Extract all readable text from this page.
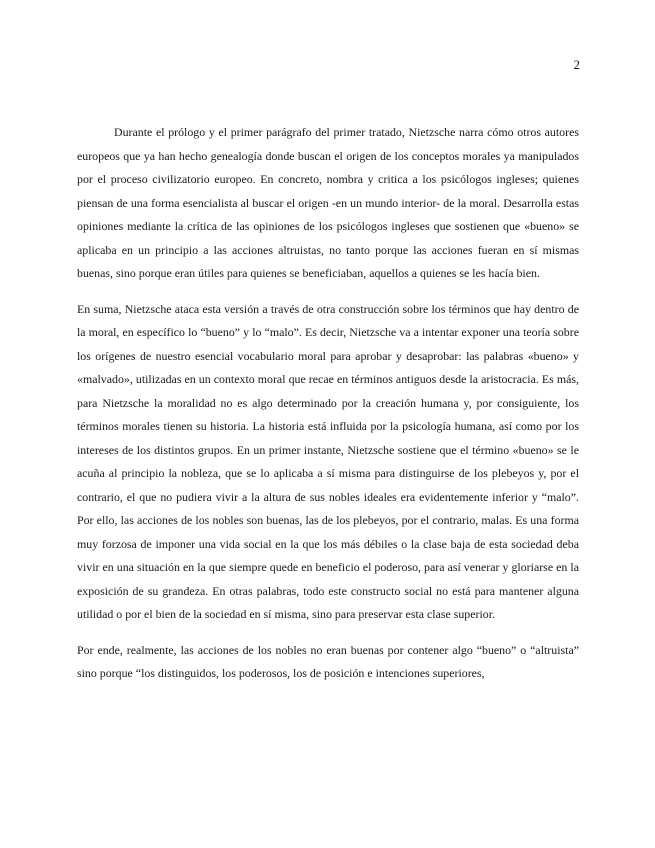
2

Durante el prólogo y el primer parágrafo del primer tratado, Nietzsche narra cómo otros autores europeos que ya han hecho genealogía donde buscan el origen de los conceptos morales ya manipulados por el proceso civilizatorio europeo. En concreto, nombra y critica a los psicólogos ingleses; quienes piensan de una forma esencialista al buscar el origen -en un mundo interior- de la moral. Desarrolla estas opiniones mediante la crítica de las opiniones de los psicólogos ingleses que sostienen que «bueno» se aplicaba en un principio a las acciones altruistas, no tanto porque las acciones fueran en sí mismas buenas, sino porque eran útiles para quienes se beneficiaban, aquellos a quienes se les hacía bien.

En suma, Nietzsche ataca esta versión a través de otra construcción sobre los términos que hay dentro de la moral, en específico lo “bueno” y lo “malo”. Es decir, Nietzsche va a intentar exponer una teoría sobre los orígenes de nuestro esencial vocabulario moral para aprobar y desaprobar: las palabras «bueno» y «malvado», utilizadas en un contexto moral que recae en términos antiguos desde la aristocracia. Es más, para Nietzsche la moralidad no es algo determinado por la creación humana y, por consiguiente, los términos morales tienen su historia. La historia está influida por la psicología humana, así como por los intereses de los distintos grupos. En un primer instante, Nietzsche sostiene que el término «bueno» se le acuña al principio la nobleza, que se lo aplicaba a sí misma para distinguirse de los plebeyos y, por el contrario, el que no pudiera vivir a la altura de sus nobles ideales era evidentemente inferior y “malo”. Por ello, las acciones de los nobles son buenas, las de los plebeyos, por el contrario, malas. Es una forma muy forzosa de imponer una vida social en la que los más débiles o la clase baja de esta sociedad deba vivir en una situación en la que siempre quede en beneficio el poderoso, para así venerar y gloriarse en la exposición de su grandeza. En otras palabras, todo este constructo social no está para mantener alguna utilidad o por el bien de la sociedad en sí misma, sino para preservar esta clase superior.

Por ende, realmente, las acciones de los nobles no eran buenas por contener algo “bueno” o “altruista” sino porque “los distinguidos, los poderosos, los de posición e intenciones superiores,
